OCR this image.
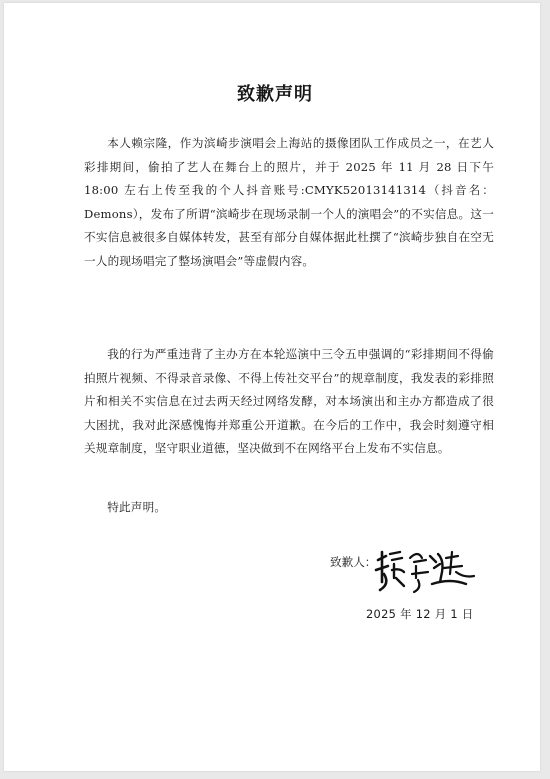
致歉声明
本人赖宗隆，作为滨崎步演唱会上海站的摄像团队工作成员之一，在艺人彩排期间，偷拍了艺人在舞台上的照片，并于 2025 年 11 月 28 日下午 18:00 左右上传至我的个人抖音账号:CMYK52013141314（抖音名：Demons），发布了所谓“滨崎步在现场录制一个人的演唱会”的不实信息。这一不实信息被很多自媒体转发，甚至有部分自媒体据此杜撰了“滨崎步独自在空无一人的现场唱完了整场演唱会”等虚假内容。
我的行为严重违背了主办方在本轮巡演中三令五申强调的“彩排期间不得偷拍照片视频、不得录音录像、不得上传社交平台”的规章制度，我发表的彩排照片和相关不实信息在过去两天经过网络发酵，对本场演出和主办方都造成了很大困扰，我对此深感愧悔并郑重公开道歉。在今后的工作中，我会时刻遵守相关规章制度，坚守职业道德，坚决做到不在网络平台上发布不实信息。
特此声明。
致歉人：
2025 年 12 月 1 日
